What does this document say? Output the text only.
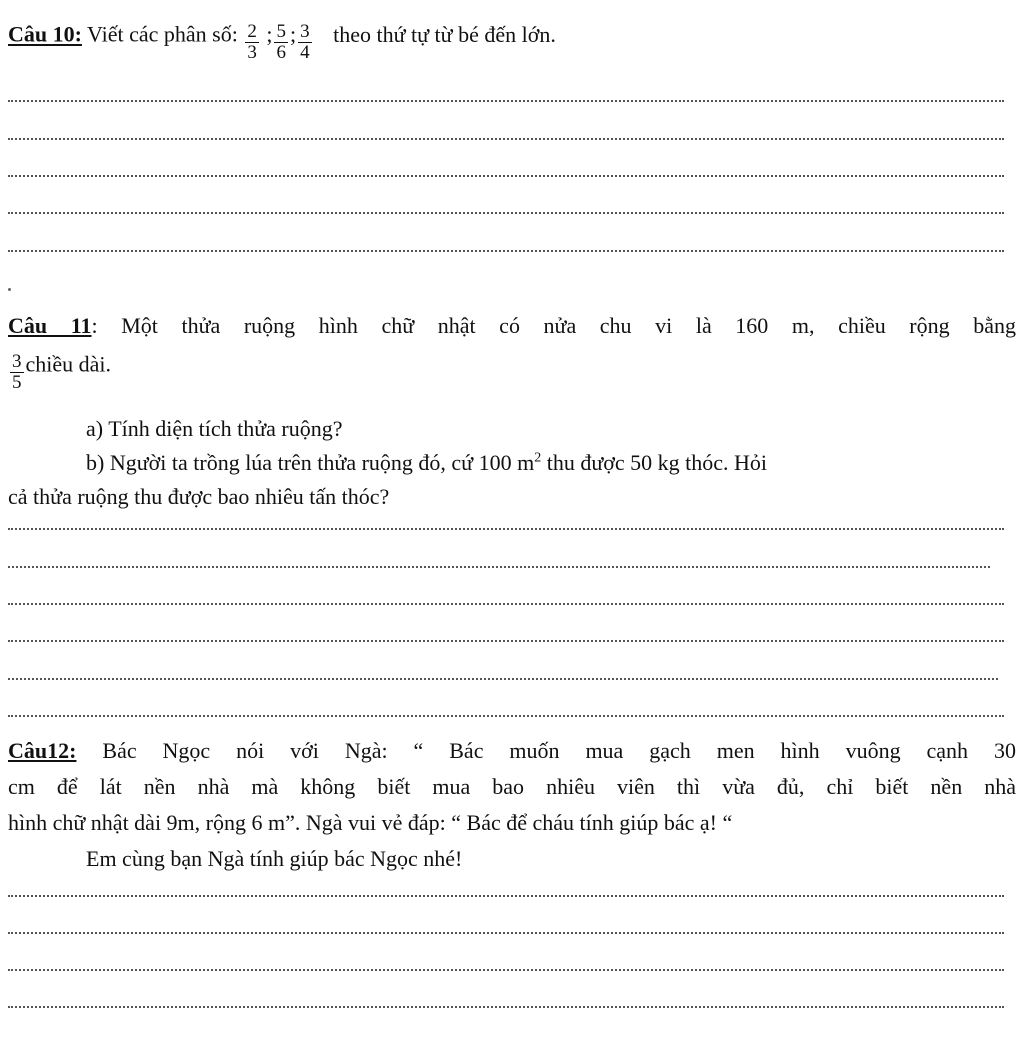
Câu 10: Viết các phân số: $\frac{2}{3}$ ; $\frac{5}{6}$ ; $\frac{3}{4}$ theo thứ tự từ bé đến lớn.
Câu 11: Một thửa ruộng hình chữ nhật có nửa chu vi là 160 m, chiều rộng bằng
$\frac{3}{5}$ chiều dài.
a) Tính diện tích thửa ruộng?
b) Người ta trồng lúa trên thửa ruộng đó, cứ 100 $m^2$ thu được 50 kg thóc. Hỏi
cả thửa ruộng thu được bao nhiêu tấn thóc?
Câu12: Bác Ngọc nói với Ngà: “ Bác muốn mua gạch men hình vuông cạnh 30
cm để lát nền nhà mà không biết mua bao nhiêu viên thì vừa đủ, chỉ biết nền nhà
hình chữ nhật dài 9m, rộng 6 m”. Ngà vui vẻ đáp: “ Bác để cháu tính giúp bác ạ! “
Em cùng bạn Ngà tính giúp bác Ngọc nhé!
